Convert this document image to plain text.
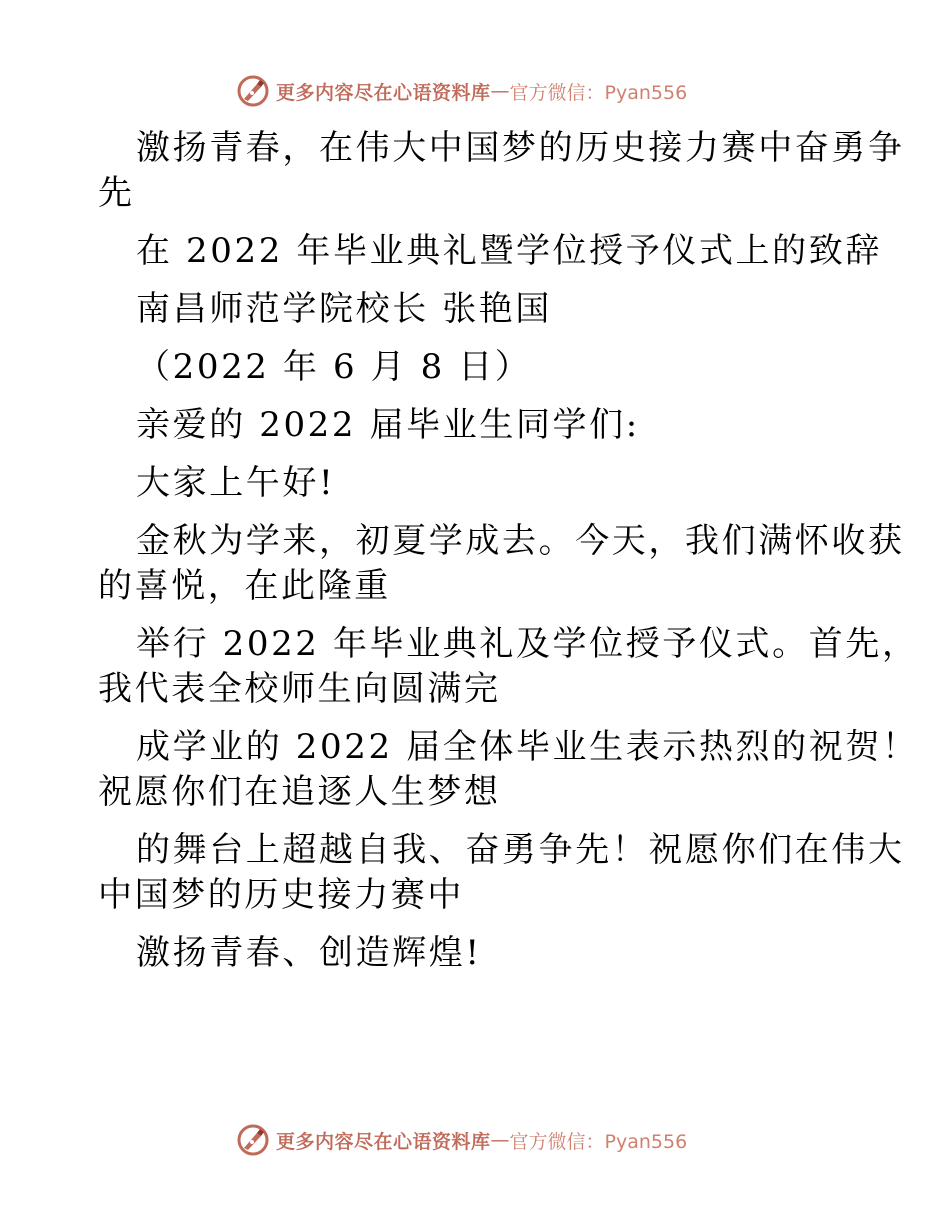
更多内容尽在心语资料库 — 官方微信：Pyan556
激扬青春，在伟大中国梦的历史接力赛中奋勇争
先
在 2022 年毕业典礼暨学位授予仪式上的致辞
南昌师范学院校长 张艳国
（2022 年 6 月 8 日）
亲爱的 2022 届毕业生同学们:
大家上午好!
金秋为学来，初夏学成去。今天，我们满怀收获
的喜悦，在此隆重
举行 2022 年毕业典礼及学位授予仪式。首先，
我代表全校师生向圆满完
成学业的 2022 届全体毕业生表示热烈的祝贺！
祝愿你们在追逐人生梦想
的舞台上超越自我、奋勇争先！祝愿你们在伟大
中国梦的历史接力赛中
激扬青春、创造辉煌!
更多内容尽在心语资料库 — 官方微信：Pyan556
